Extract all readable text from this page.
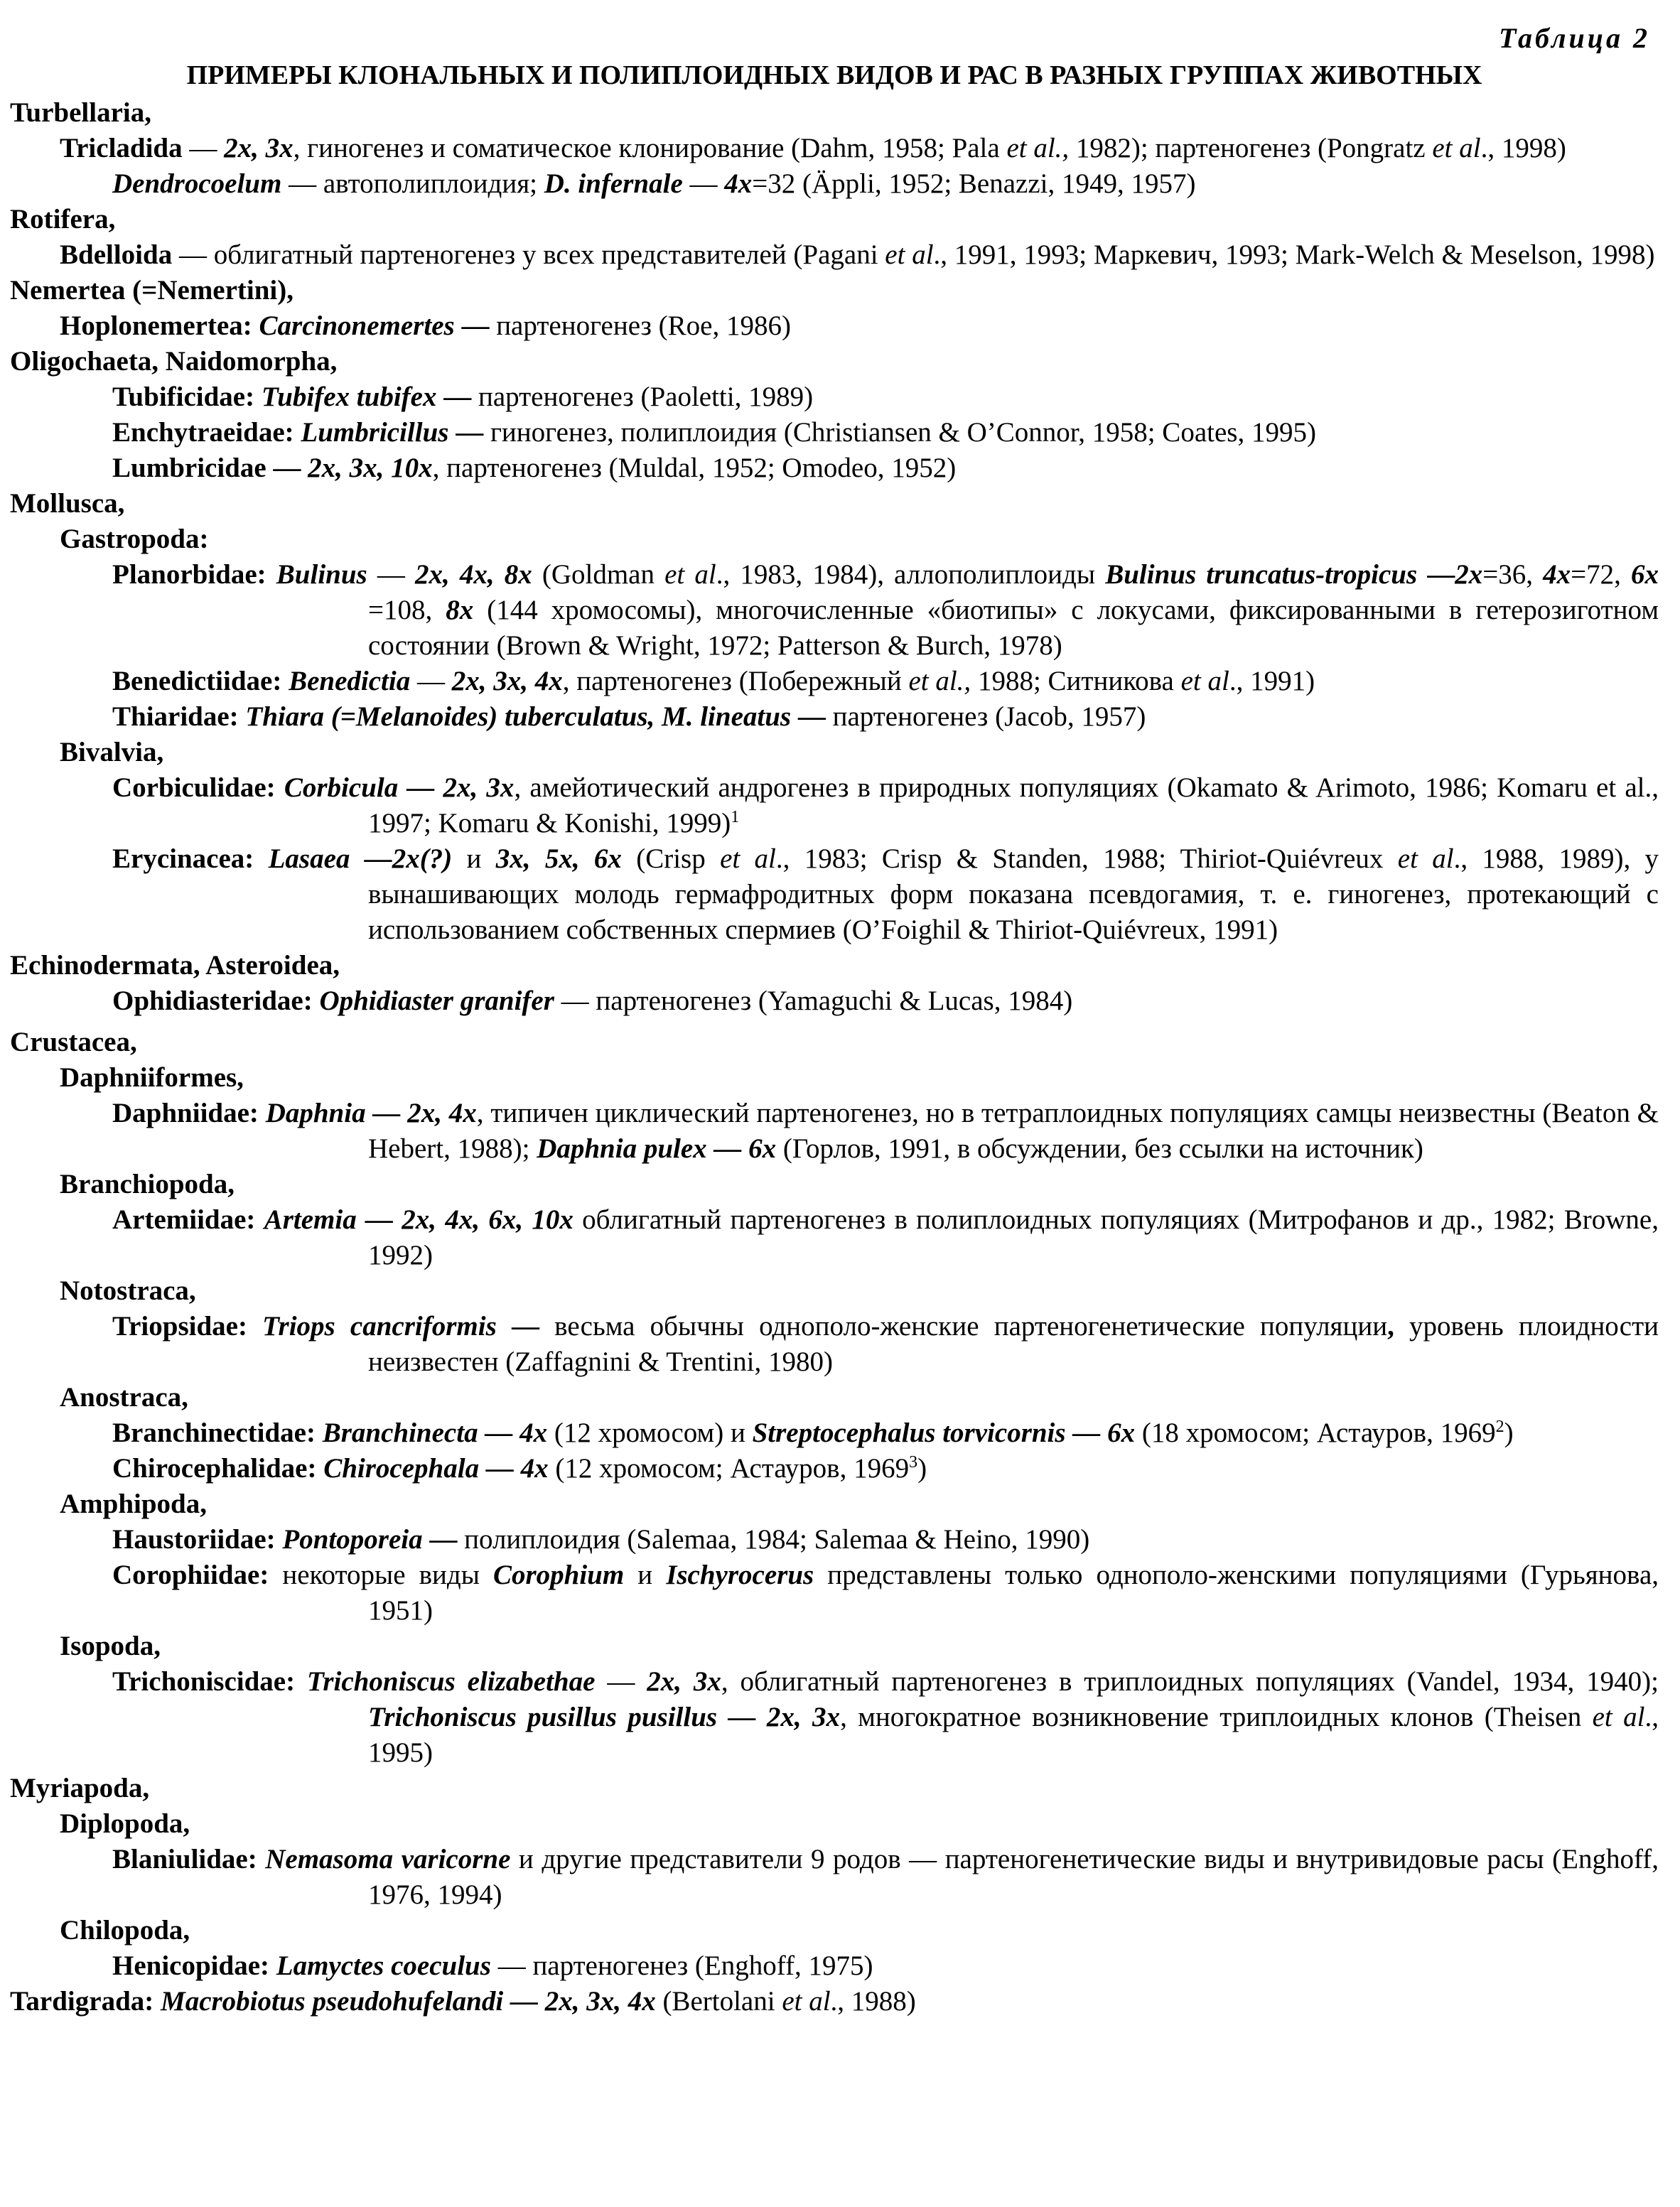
Таблица 2
ПРИМЕРЫ КЛОНАЛЬНЫХ И ПОЛИПЛОИДНЫХ ВИДОВ И РАС В РАЗНЫХ ГРУППАХ ЖИВОТНЫХ
Turbellaria,
Tricladida — 2x, 3x, гиногенез и соматическое клонирование (Dahm, 1958; Pala et al., 1982); партеногенез (Pongratz et al., 1998)
Dendrocoelum — автополиплоидия; D. infernale — 4x=32 (Äppli, 1952; Benazzi, 1949, 1957)
Rotifera,
Bdelloida — облигатный партеногенез у всех представителей (Pagani et al., 1991, 1993; Маркевич, 1993; Mark-Welch & Meselson, 1998)
Nemertea (=Nemertini),
Hoplonemertea: Carcinonemertes — партеногенез (Roe, 1986)
Oligochaeta, Naidomorpha,
Tubificidae: Tubifex tubifex — партеногенез (Paoletti, 1989)
Enchytraeidae: Lumbricillus — гиногенез, полиплоидия (Christiansen & O’Connor, 1958; Coates, 1995)
Lumbricidae — 2x, 3x, 10x, партеногенез (Muldal, 1952; Omodeo, 1952)
Mollusca,
Gastropoda:
Planorbidae: Bulinus — 2x, 4x, 8x (Goldman et al., 1983, 1984), аллополиплоиды Bulinus truncatus-tropicus —2x=36, 4x=72, 6x =108, 8x (144 хромосомы), многочисленные «биотипы» с локусами, фиксированными в гетерозиготном состоянии (Brown & Wright, 1972; Patterson & Burch, 1978)
Benedictiidae: Benedictia — 2x, 3x, 4x, партеногенез (Побережный et al., 1988; Ситникова et al., 1991)
Thiaridae: Thiara (=Melanoides) tuberculatus, M. lineatus — партеногенез (Jacob, 1957)
Bivalvia,
Corbiculidae: Corbicula — 2x, 3x, амейотический андрогенез в природных популяциях (Okamato & Arimoto, 1986; Komaru et al., 1997; Komaru & Konishi, 1999)$^1$
Erycinacea: Lasaea —2x(?) и 3x, 5x, 6x (Crisp et al., 1983; Crisp & Standen, 1988; Thiriot-Quiévreux et al., 1988, 1989), у вынашивающих молодь гермафродитных форм показана псевдогамия, т. е. гиногенез, протекающий с использованием собственных спермиев (O’Foighil & Thiriot-Quiévreux, 1991)
Echinodermata, Asteroidea,
Ophidiasteridae: Ophidiaster granifer — партеногенез (Yamaguchi & Lucas, 1984)
Crustacea,
Daphniiformes,
Daphniidae: Daphnia — 2x, 4x, типичен циклический партеногенез, но в тетраплоидных популяциях самцы неизвестны (Beaton & Hebert, 1988); Daphnia pulex — 6x (Горлов, 1991, в обсуждении, без ссылки на источник)
Branchiopoda,
Artemiidae: Artemia — 2x, 4x, 6x, 10x облигатный партеногенез в полиплоидных популяциях (Митрофанов и др., 1982; Browne, 1992)
Notostraca,
Triopsidae: Triops cancriformis — весьма обычны однополо-женские партеногенетические популяции, уровень плоидности неизвестен (Zaffagnini & Trentini, 1980)
Anostraca,
Branchinectidae: Branchinecta — 4x (12 хромосом) и Streptocephalus torvicornis — 6x (18 хромосом; Астауров, 1969$^2$)
Chirocephalidae: Chirocephala — 4x (12 хромосом; Астауров, 1969$^3$)
Amphipoda,
Haustoriidae: Pontoporeia — полиплоидия (Salemaa, 1984; Salemaa & Heino, 1990)
Corophiidae: некоторые виды Corophium и Ischyrocerus представлены только однополо-женскими популяциями (Гурьянова, 1951)
Isopoda,
Trichoniscidae: Trichoniscus elizabethae — 2x, 3x, облигатный партеногенез в триплоидных популяциях (Vandel, 1934, 1940); Trichoniscus pusillus pusillus — 2x, 3x, многократное возникновение триплоидных клонов (Theisen et al., 1995)
Myriapoda,
Diplopoda,
Blaniulidae: Nemasoma varicorne и другие представители 9 родов — партеногенетические виды и внутривидовые расы (Enghoff, 1976, 1994)
Chilopoda,
Henicopidae: Lamyctes coeculus — партеногенез (Enghoff, 1975)
Tardigrada: Macrobiotus pseudohufelandi — 2x, 3x, 4x (Bertolani et al., 1988)
